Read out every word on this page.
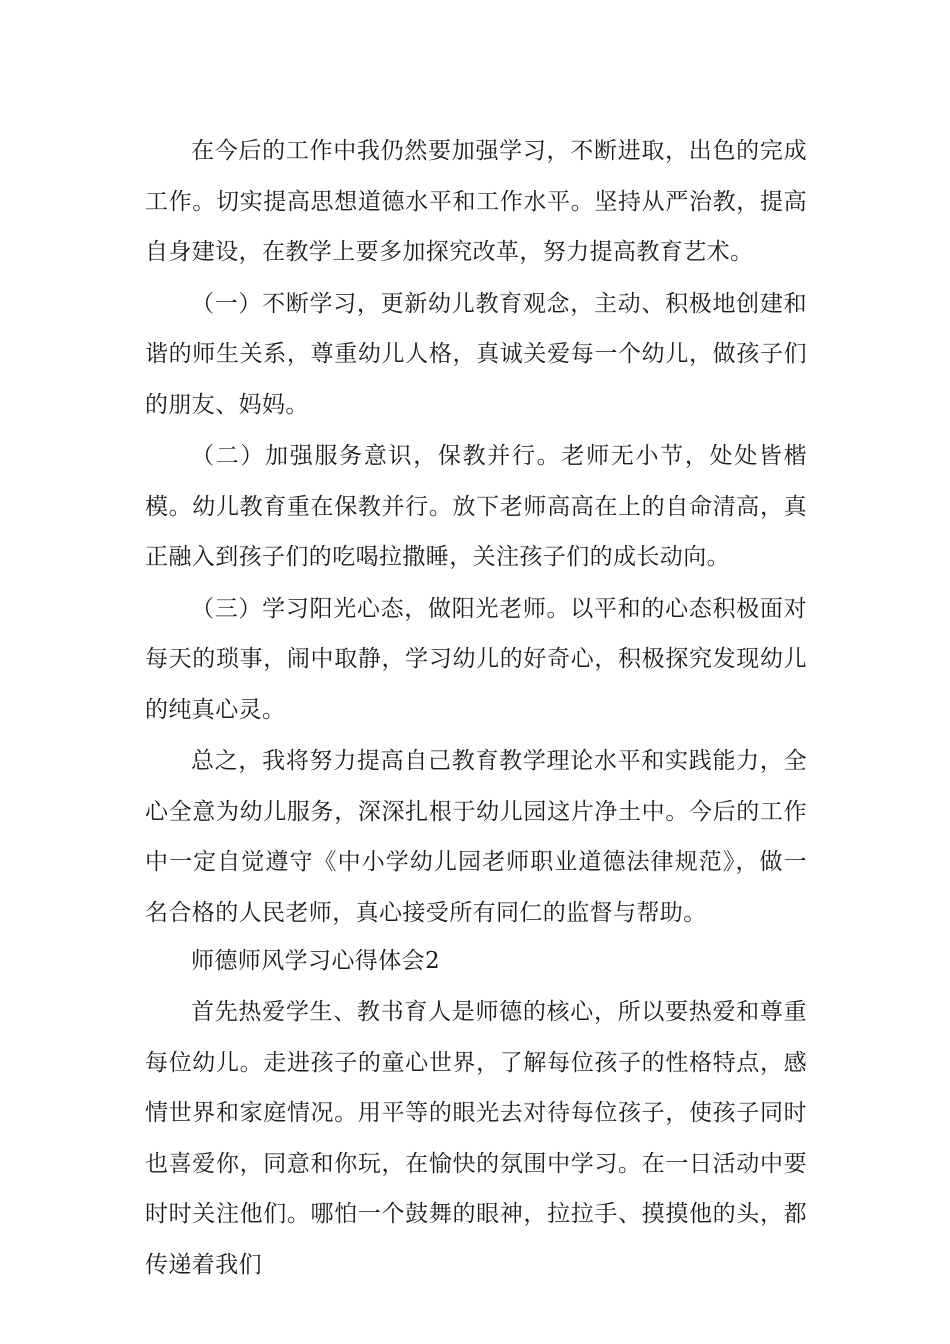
在今后的工作中我仍然要加强学习，不断进取，出色的完成工作。切实提高思想道德水平和工作水平。坚持从严治教，提高自身建设，在教学上要多加探究改革，努力提高教育艺术。

（一）不断学习，更新幼儿教育观念，主动、积极地创建和谐的师生关系，尊重幼儿人格，真诚关爱每一个幼儿，做孩子们的朋友、妈妈。

（二）加强服务意识，保教并行。老师无小节，处处皆楷模。幼儿教育重在保教并行。放下老师高高在上的自命清高，真正融入到孩子们的吃喝拉撒睡，关注孩子们的成长动向。

（三）学习阳光心态，做阳光老师。以平和的心态积极面对每天的琐事，闹中取静，学习幼儿的好奇心，积极探究发现幼儿的纯真心灵。

总之，我将努力提高自己教育教学理论水平和实践能力，全心全意为幼儿服务，深深扎根于幼儿园这片净土中。今后的工作中一定自觉遵守《中小学幼儿园老师职业道德法律规范》，做一名合格的人民老师，真心接受所有同仁的监督与帮助。

师德师风学习心得体会2

首先热爱学生、教书育人是师德的核心，所以要热爱和尊重每位幼儿。走进孩子的童心世界，了解每位孩子的性格特点，感情世界和家庭情况。用平等的眼光去对待每位孩子，使孩子同时也喜爱你，同意和你玩，在愉快的氛围中学习。在一日活动中要时时关注他们。哪怕一个鼓舞的眼神，拉拉手、摸摸他的头，都传递着我们
